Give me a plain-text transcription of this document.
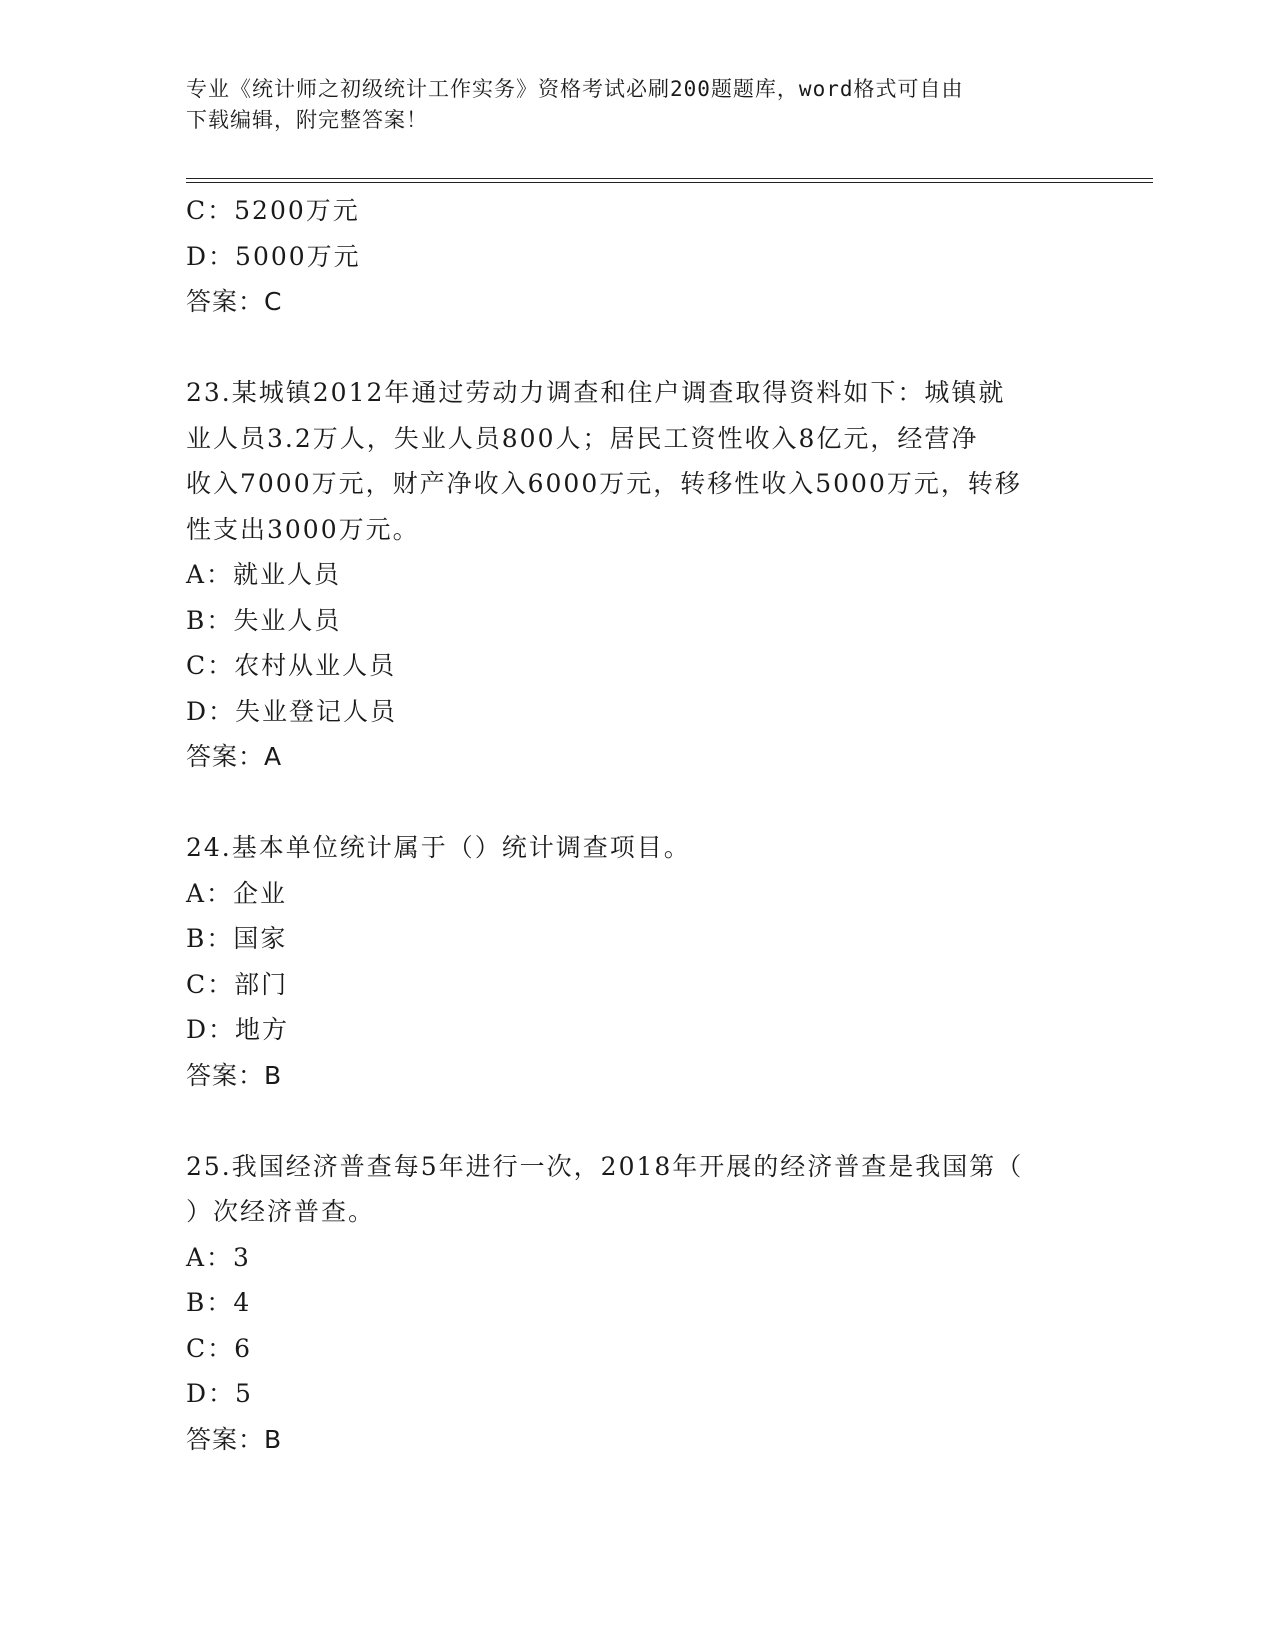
专业《统计师之初级统计工作实务》资格考试必刷200题题库，word格式可自由
下载编辑，附完整答案！
C：5200万元
D：5000万元
答案：C
23.某城镇2012年通过劳动力调查和住户调查取得资料如下：城镇就
业人员3.2万人，失业人员800人；居民工资性收入8亿元，经营净
收入7000万元，财产净收入6000万元，转移性收入5000万元，转移
性支出3000万元。
A：就业人员
B：失业人员
C：农村从业人员
D：失业登记人员
答案：A
24.基本单位统计属于（）统计调查项目。
A：企业
B：国家
C：部门
D：地方
答案：B
25.我国经济普查每5年进行一次，2018年开展的经济普查是我国第（
）次经济普查。
A：3
B：4
C：6
D：5
答案：B
